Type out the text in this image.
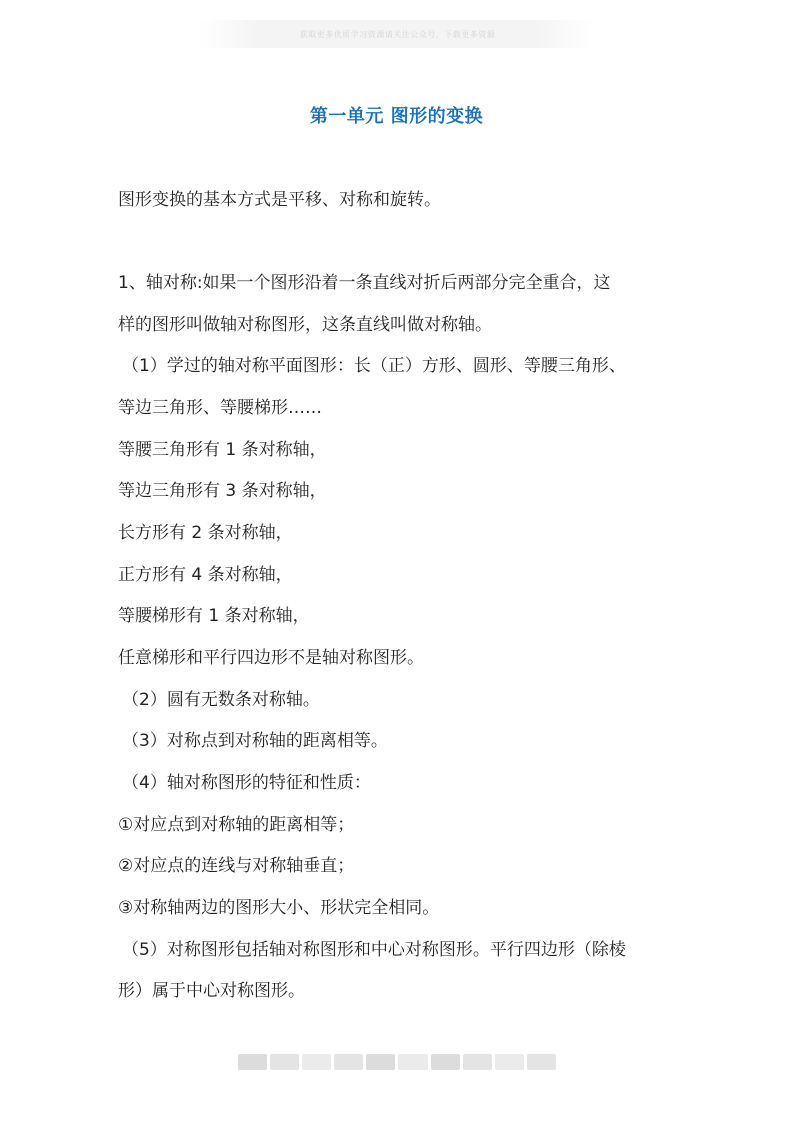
获取更多优质学习资源请关注公众号，下载更多资源
第一单元 图形的变换
图形变换的基本方式是平移、对称和旋转。
1、轴对称:如果一个图形沿着一条直线对折后两部分完全重合，这
样的图形叫做轴对称图形，这条直线叫做对称轴。
（1）学过的轴对称平面图形：长（正）方形、圆形、等腰三角形、
等边三角形、等腰梯形……
等腰三角形有 1 条对称轴，
等边三角形有 3 条对称轴，
长方形有 2 条对称轴，
正方形有 4 条对称轴，
等腰梯形有 1 条对称轴，
任意梯形和平行四边形不是轴对称图形。
（2）圆有无数条对称轴。
（3）对称点到对称轴的距离相等。
（4）轴对称图形的特征和性质：
①对应点到对称轴的距离相等；
②对应点的连线与对称轴垂直；
③对称轴两边的图形大小、形状完全相同。
（5）对称图形包括轴对称图形和中心对称图形。平行四边形（除棱
形）属于中心对称图形。
